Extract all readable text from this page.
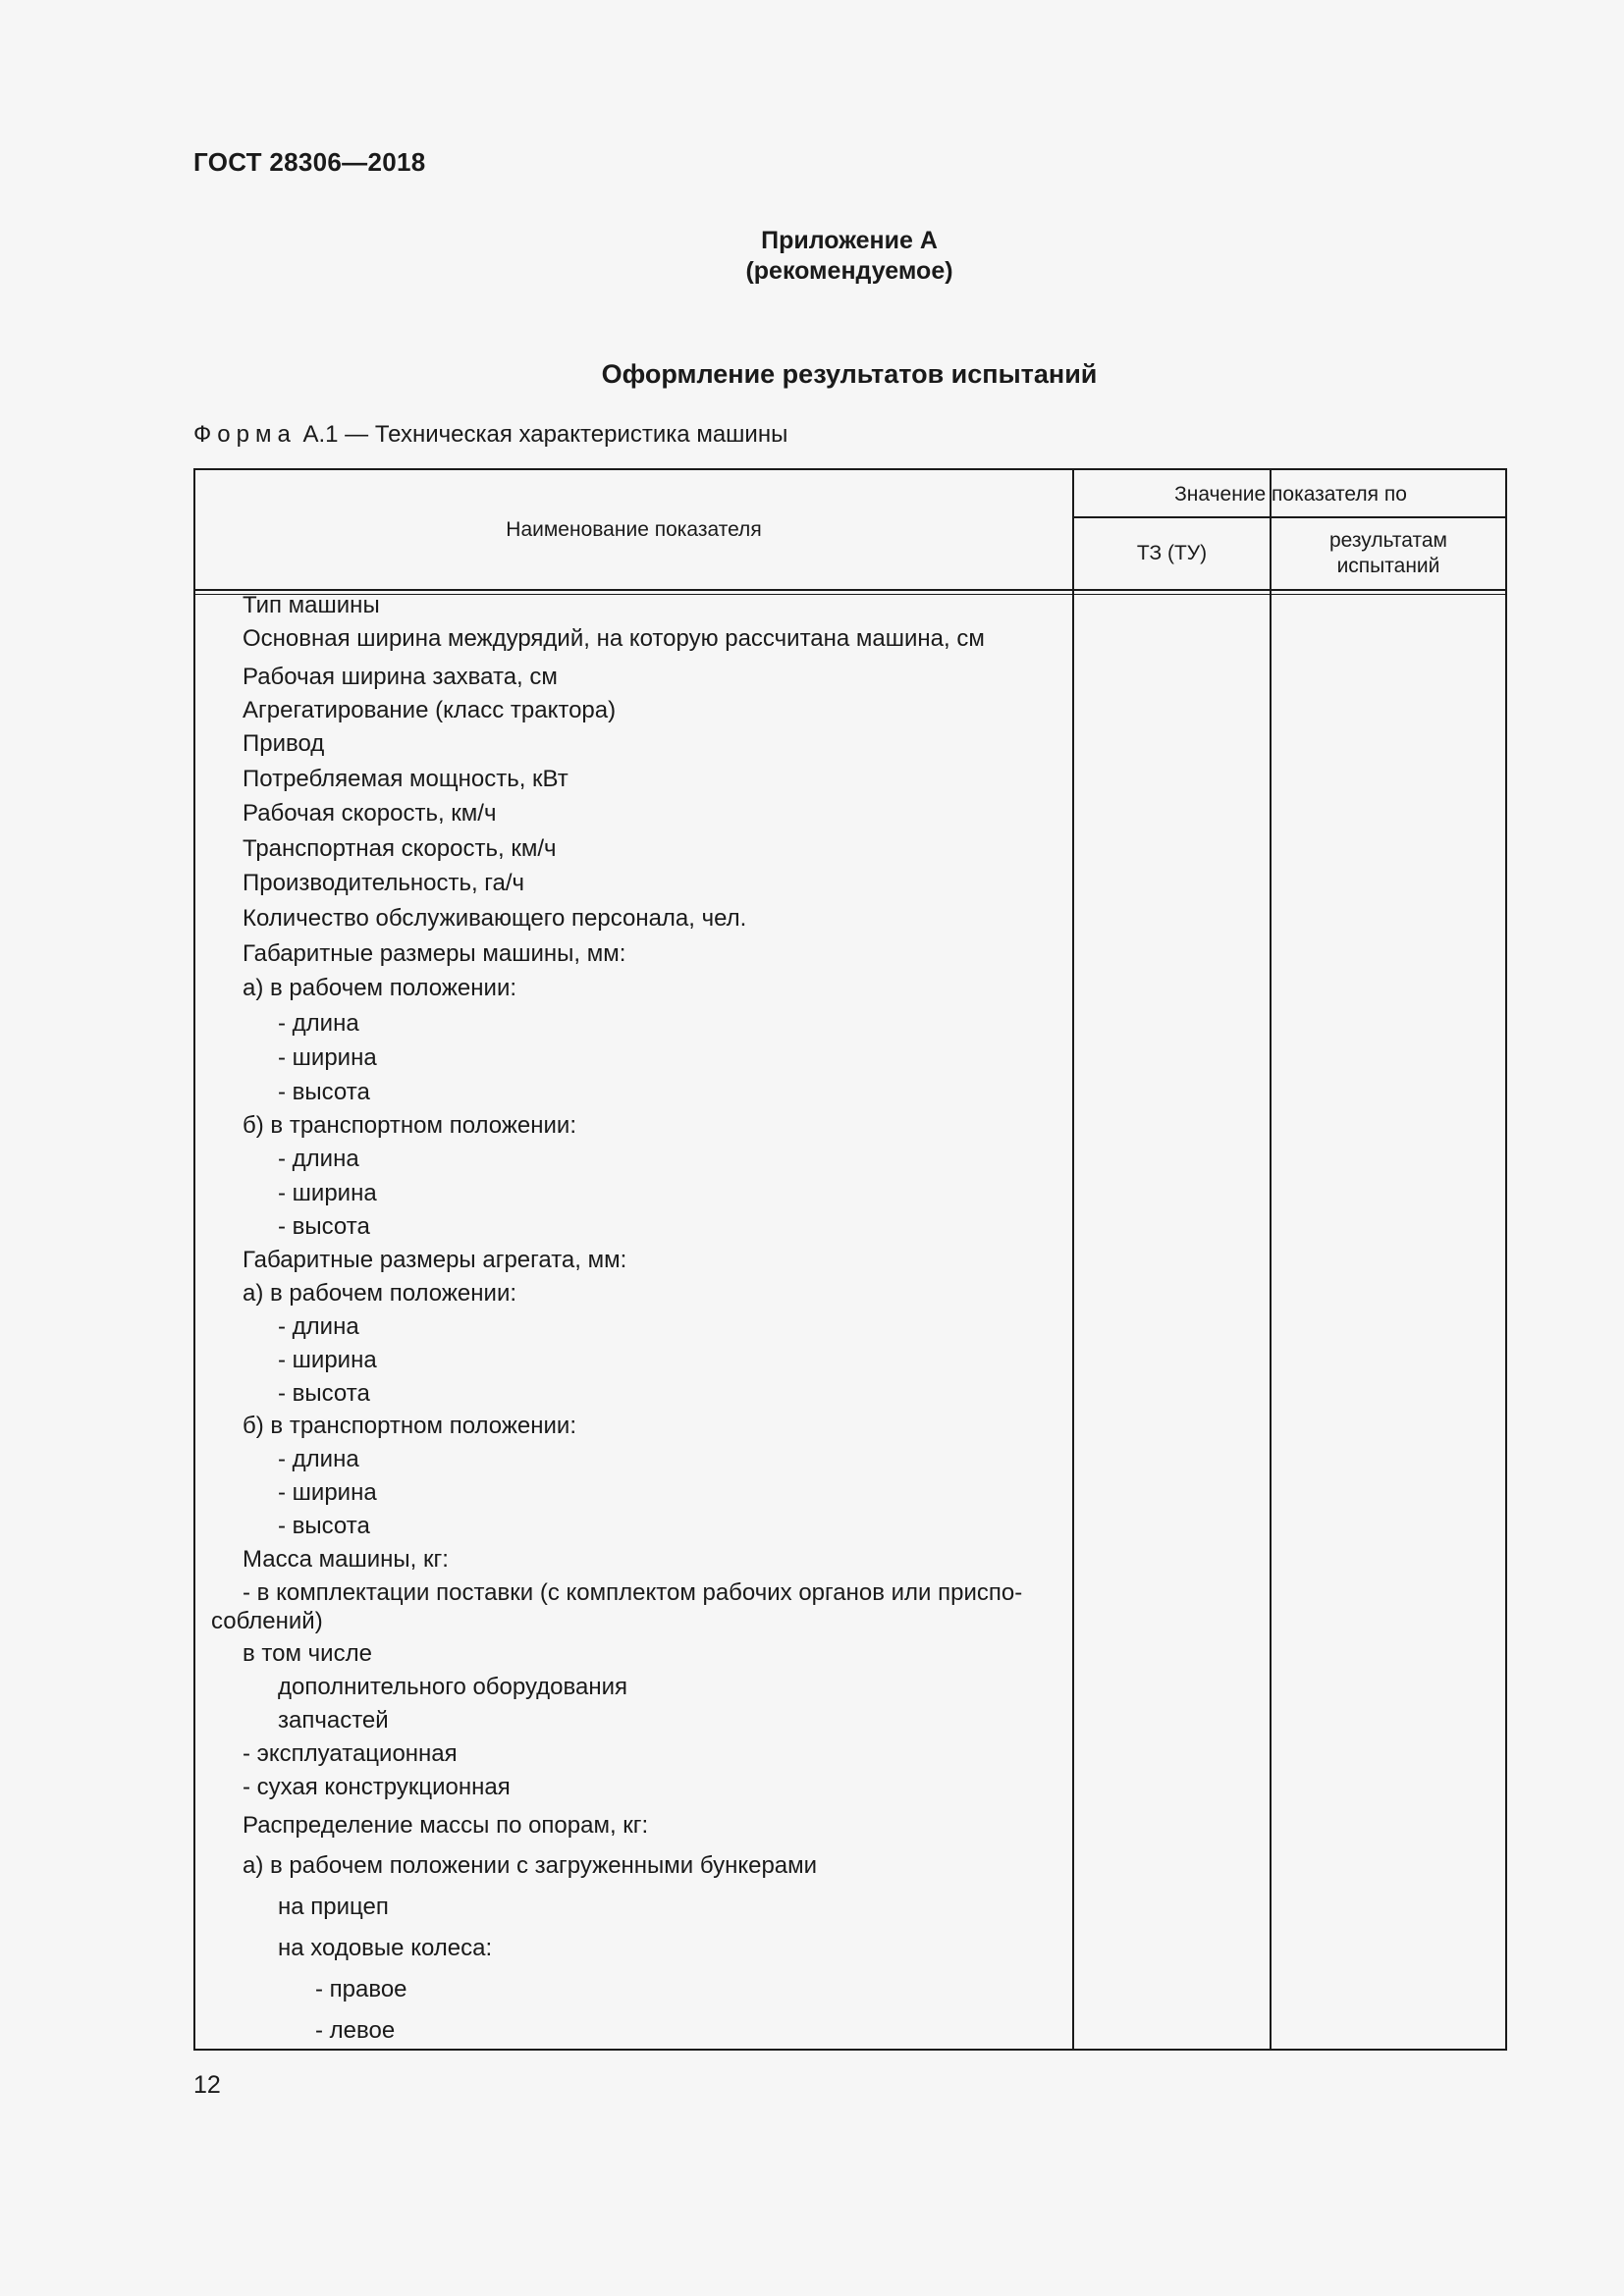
ГОСТ 28306—2018
Приложение А
(рекомендуемое)
Оформление результатов испытаний
Форма А.1 — Техническая характеристика машины
Наименование показателя
Значение показателя по
ТЗ (ТУ)
результатам испытаний
Тип машины
Основная ширина междурядий, на которую рассчитана машина, см
Рабочая ширина захвата, см
Агрегатирование (класс трактора)
Привод
Потребляемая мощность, кВт
Рабочая скорость, км/ч
Транспортная скорость, км/ч
Производительность, га/ч
Количество обслуживающего персонала, чел.
Габаритные размеры машины, мм:
а) в рабочем положении:
- длина
- ширина
- высота
б) в транспортном положении:
- длина
- ширина
- высота
Габаритные размеры агрегата, мм:
а) в рабочем положении:
- длина
- ширина
- высота
б) в транспортном положении:
- длина
- ширина
- высота
Масса машины, кг:
- в комплектации поставки (с комплектом рабочих органов или приспо-
соблений)
в том числе
дополнительного оборудования
запчастей
- эксплуатационная
- сухая конструкционная
Распределение массы по опорам, кг:
а) в рабочем положении с загруженными бункерами
на прицеп
на ходовые колеса:
- правое
- левое
12
